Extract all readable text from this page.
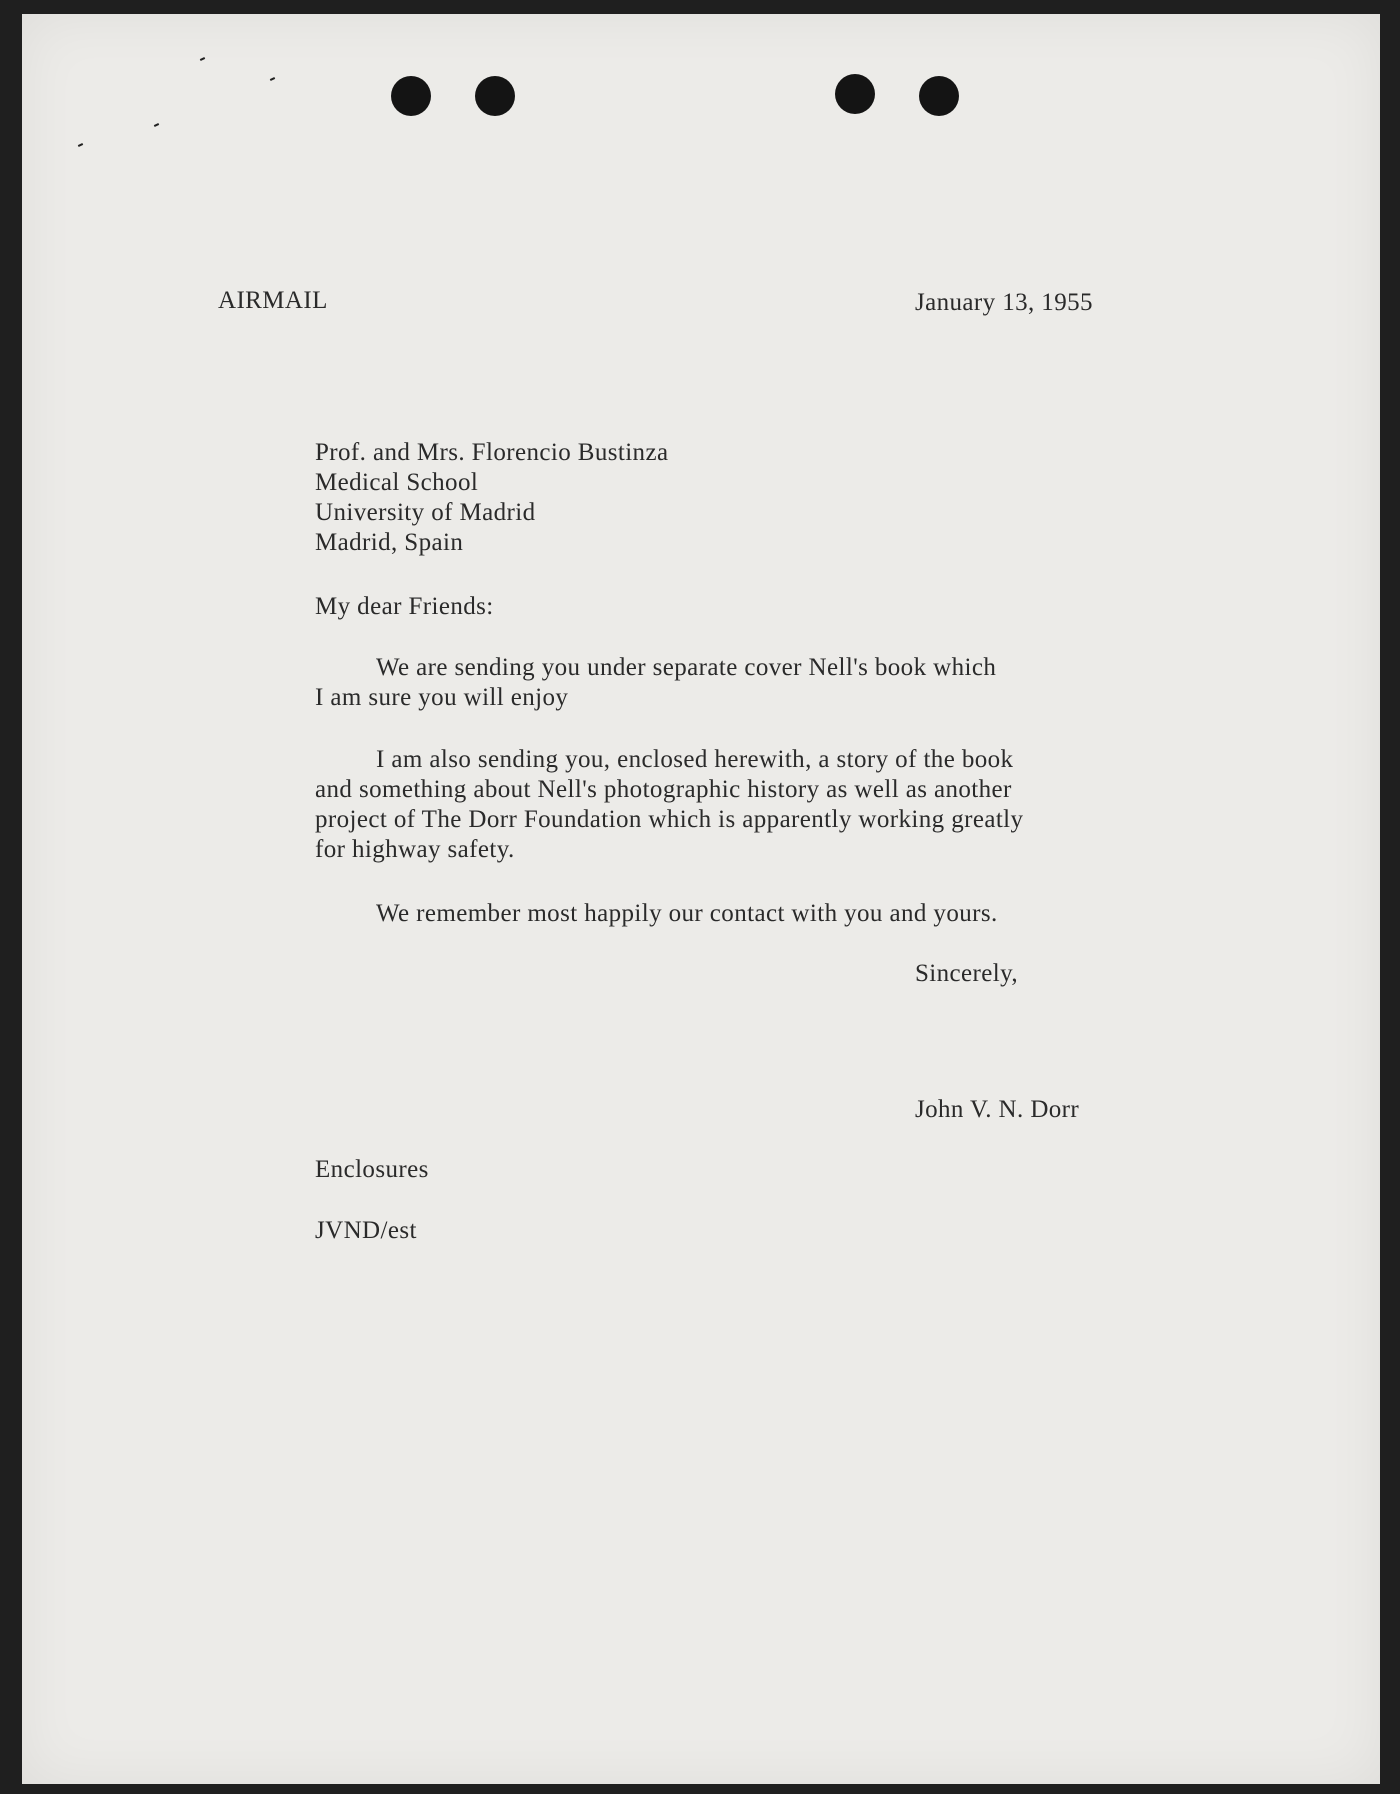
AIRMAIL	January 13, 1955
Prof. and Mrs. Florencio Bustinza
Medical School
University of Madrid
Madrid, Spain
My dear Friends:
We are sending you under separate cover Nell's book which
I am sure you will enjoy
I am also sending you, enclosed herewith, a story of the book
and something about Nell's photographic history as well as another
project of The Dorr Foundation which is apparently working greatly
for highway safety.
We remember most happily our contact with you and yours.
Sincerely,
John V. N. Dorr
Enclosures
JVND/est
